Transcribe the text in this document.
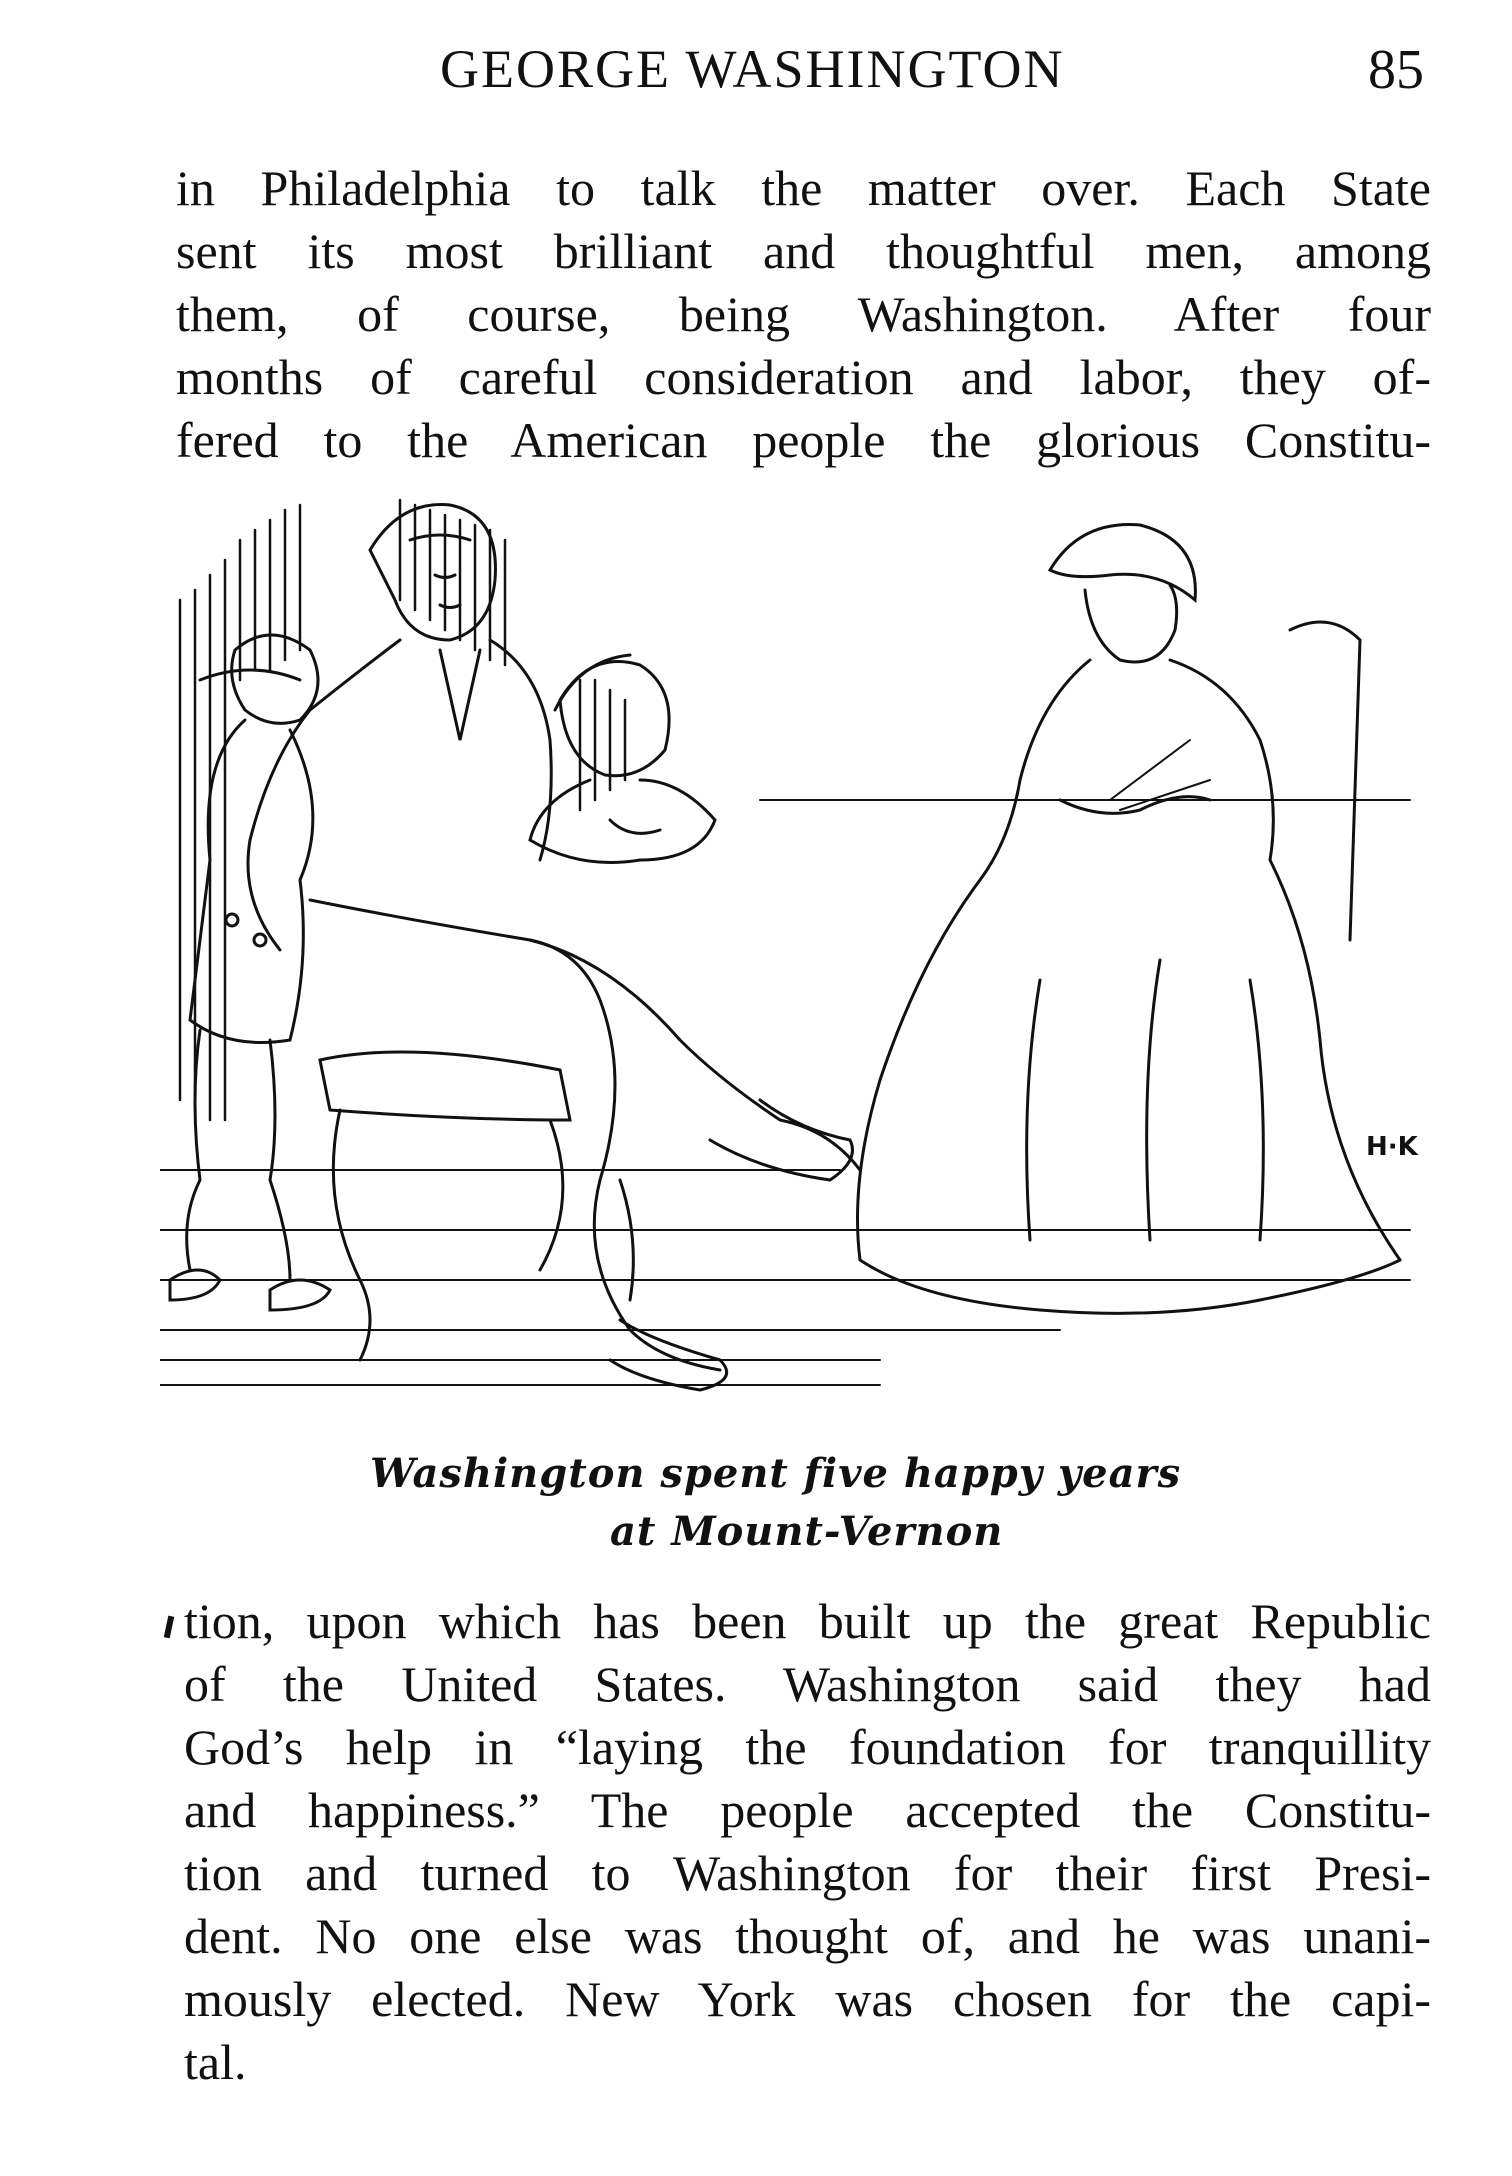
GEORGE WASHINGTON	85

in Philadelphia to talk the matter over. Each State
sent its most brilliant and thoughtful men, among
them, of course, being Washington. After four
months of careful consideration and labor, they of-
fered to the American people the glorious Constitu-

H·K
Washington spent five happy years
at Mount-Vernon

tion, upon which has been built up the great Republic
of the United States. Washington said they had
God’s help in “laying the foundation for tranquillity
and happiness.” The people accepted the Constitu-
tion and turned to Washington for their first Presi-
dent. No one else was thought of, and he was unani-
mously elected. New York was chosen for the capi-
tal.
